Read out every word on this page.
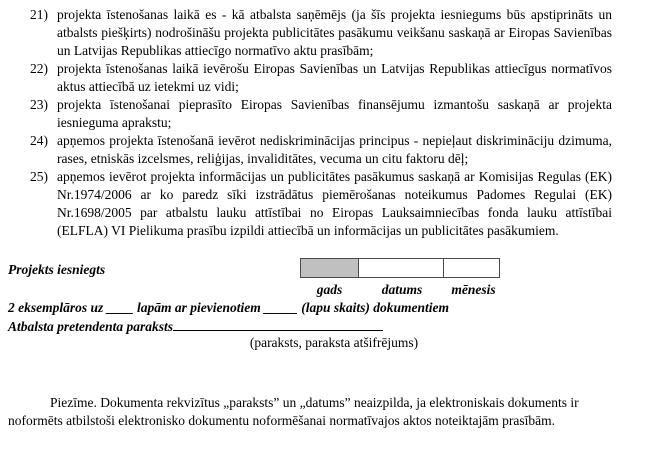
21) projekta īstenošanas laikā es - kā atbalsta saņēmējs (ja šīs projekta iesniegums būs apstiprināts un atbalsts piešķirts) nodrošināšu projekta publicitātes pasākumu veikšanu saskaņā ar Eiropas Savienības un Latvijas Republikas attiecīgo normatīvo aktu prasībām;
22) projekta īstenošanas laikā ievērošu Eiropas Savienības un Latvijas Republikas attiecīgus normatīvos aktus attiecībā uz ietekmi uz vidi;
23) projekta īstenošanai pieprasīto Eiropas Savienības finansējumu izmantošu saskaņā ar projekta iesnieguma aprakstu;
24) apņemos projekta īstenošanā ievērot nediskriminācijas principus - nepieļaut diskrimināciju dzimuma, rases, etniskās izcelsmes, reliģijas, invaliditātes, vecuma un citu faktoru dēļ;
25) apņemos ievērot projekta informācijas un publicitātes pasākumus saskaņā ar Komisijas Regulas (EK) Nr.1974/2006 ar ko paredz sīki izstrādātus piemērošanas noteikumus Padomes Regulai (EK) Nr.1698/2005 par atbalstu lauku attīstībai no Eiropas Lauksaimniecības fonda lauku attīstībai (ELFLA) VI Pielikuma prasību izpildi attiecībā un informācijas un publicitātes pasākumiem.
Projekts iesniegts
gads	datums	mēnesis
2 eksemplāros uz ____ lapām ar pievienotiem _____ (lapu skaits) dokumentiem
Atbalsta pretendenta paraksts
(paraksts, paraksta atšifrējums)
Piezīme. Dokumenta rekvizītus „paraksts” un „datums” neaizpilda, ja elektroniskais dokuments ir noformēts atbilstoši elektronisko dokumentu noformēšanai normatīvajos aktos noteiktajām prasībām.
